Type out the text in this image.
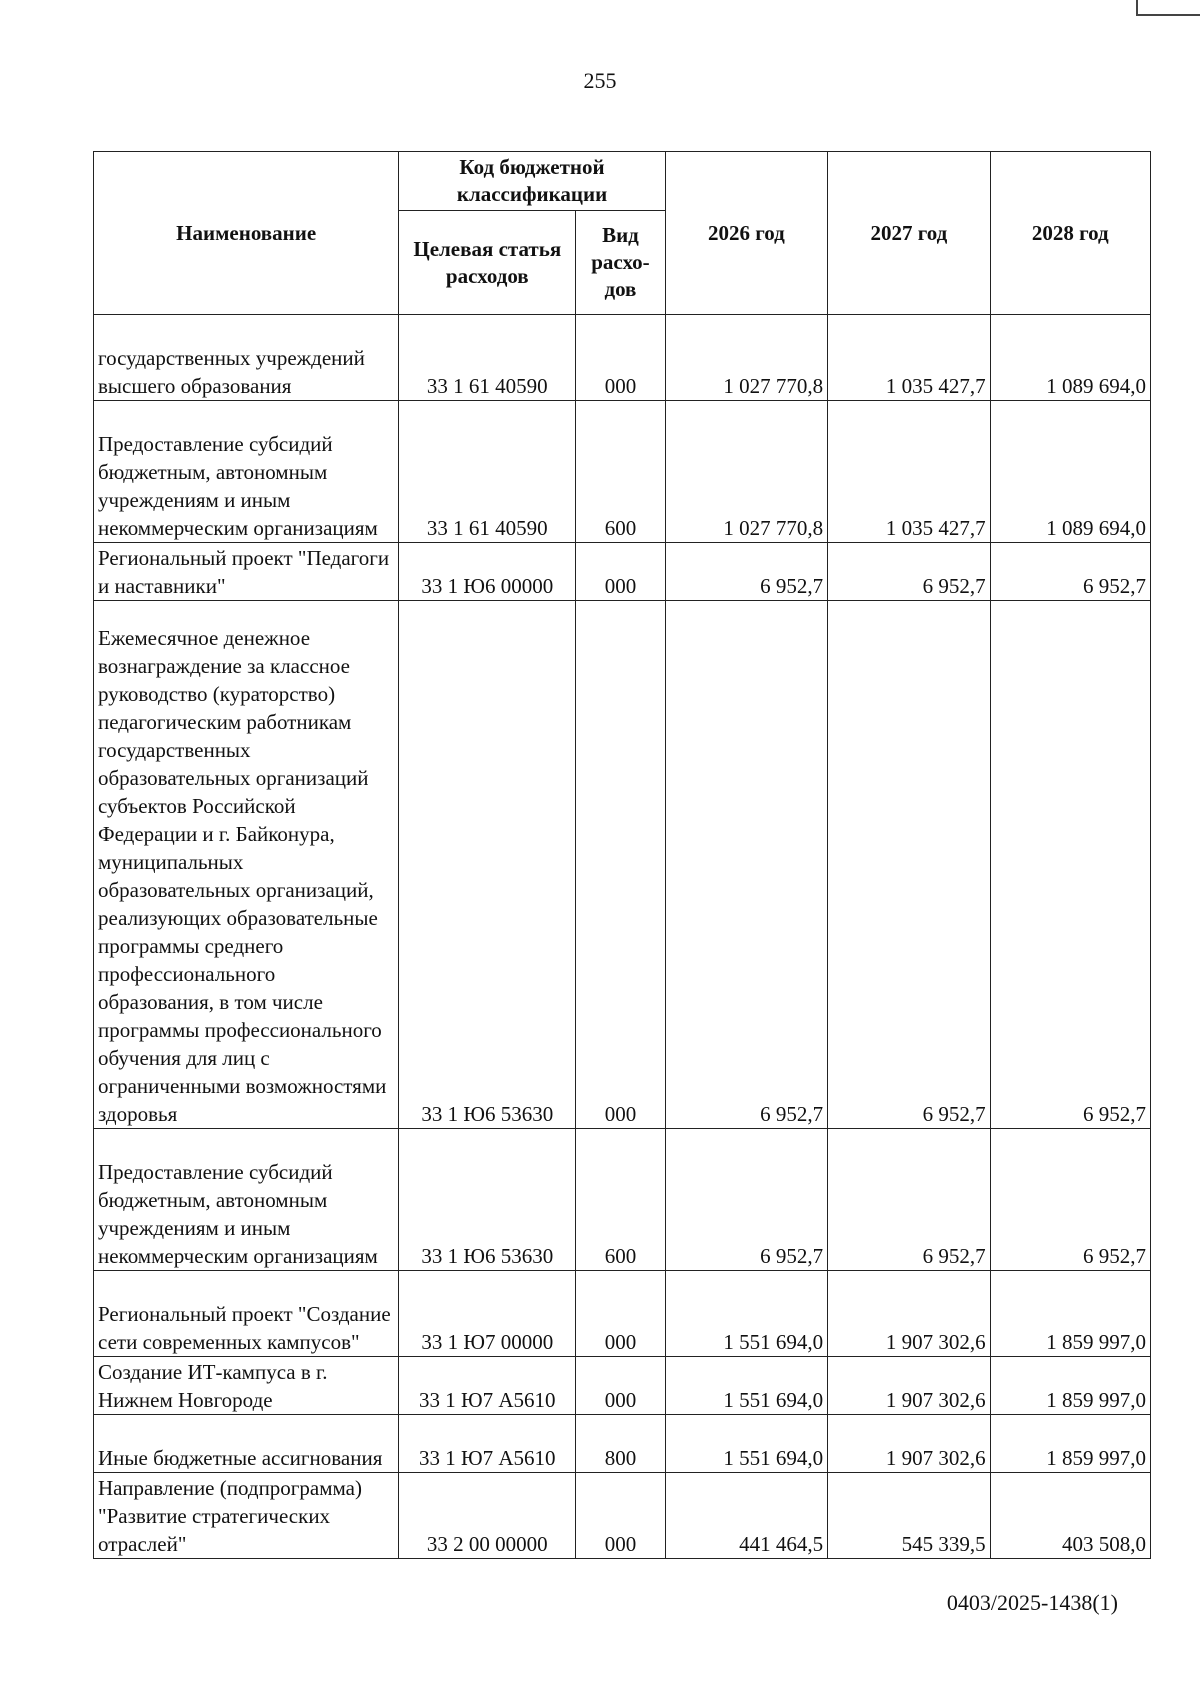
255
Наименование	Код бюджетной классификации		2026 год	2027 год	2028 год
	Целевая статья расходов	Вид расхо-дов			
государственных учреждений высшего образования	33 1 61 40590	000	1 027 770,8	1 035 427,7	1 089 694,0
Предоставление субсидий бюджетным, автономным учреждениям и иным некоммерческим организациям	33 1 61 40590	600	1 027 770,8	1 035 427,7	1 089 694,0
Региональный проект "Педагоги и наставники"	33 1 Ю6 00000	000	6 952,7	6 952,7	6 952,7
Ежемесячное денежное вознаграждение за классное руководство (кураторство) педагогическим работникам государственных образовательных организаций субъектов Российской Федерации и г. Байконура, муниципальных образовательных организаций, реализующих образовательные программы среднего профессионального образования, в том числе программы профессионального обучения для лиц с ограниченными возможностями здоровья	33 1 Ю6 53630	000	6 952,7	6 952,7	6 952,7
Предоставление субсидий бюджетным, автономным учреждениям и иным некоммерческим организациям	33 1 Ю6 53630	600	6 952,7	6 952,7	6 952,7
Региональный проект "Создание сети современных кампусов"	33 1 Ю7 00000	000	1 551 694,0	1 907 302,6	1 859 997,0
Создание ИТ-кампуса в г. Нижнем Новгороде	33 1 Ю7 А5610	000	1 551 694,0	1 907 302,6	1 859 997,0
Иные бюджетные ассигнования	33 1 Ю7 А5610	800	1 551 694,0	1 907 302,6	1 859 997,0
Направление (подпрограмма) "Развитие стратегических отраслей"	33 2 00 00000	000	441 464,5	545 339,5	403 508,0
0403/2025-1438(1)
